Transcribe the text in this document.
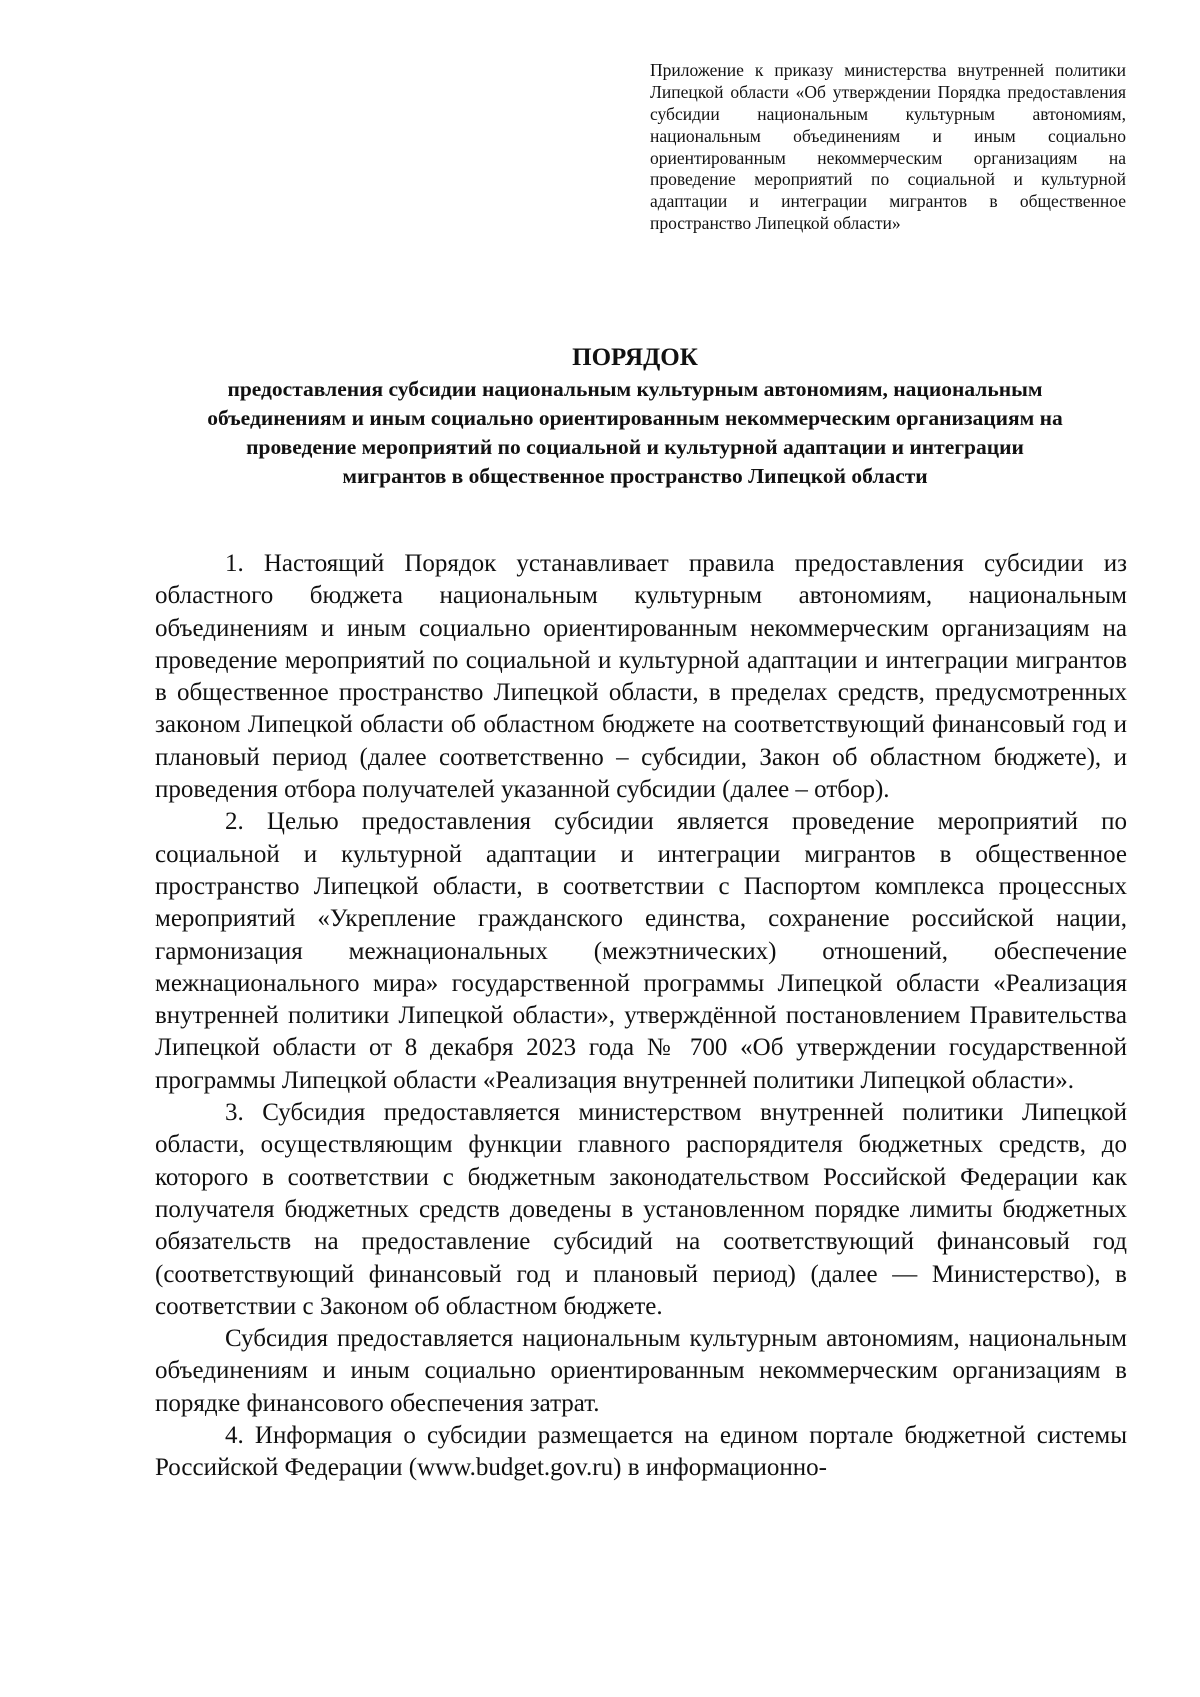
Приложение к приказу министерства внутренней политики Липецкой области «Об утверждении Порядка предоставления субсидии национальным культурным автономиям, национальным объединениям и иным социально ориентированным некоммерческим организациям на проведение мероприятий по социальной и культурной адаптации и интеграции мигрантов в общественное пространство Липецкой области»

ПОРЯДОК

предоставления субсидии национальным культурным автономиям, национальным объединениям и иным социально ориентированным некоммерческим организациям на проведение мероприятий по социальной и культурной адаптации и интеграции мигрантов в общественное пространство Липецкой области

1. Настоящий Порядок устанавливает правила предоставления субсидии из областного бюджета национальным культурным автономиям, национальным объединениям и иным социально ориентированным некоммерческим организациям на проведение мероприятий по социальной и культурной адаптации и интеграции мигрантов в общественное пространство Липецкой области, в пределах средств, предусмотренных законом Липецкой области об областном бюджете на соответствующий финансовый год и плановый период (далее соответственно – субсидии, Закон об областном бюджете), и проведения отбора получателей указанной субсидии (далее – отбор).

2. Целью предоставления субсидии является проведение мероприятий по социальной и культурной адаптации и интеграции мигрантов в общественное пространство Липецкой области, в соответствии с Паспортом комплекса процессных мероприятий «Укрепление гражданского единства, сохранение российской нации, гармонизация межнациональных (межэтнических) отношений, обеспечение межнационального мира» государственной программы Липецкой области «Реализация внутренней политики Липецкой области», утверждённой постановлением Правительства Липецкой области от 8 декабря 2023 года № 700 «Об утверждении государственной программы Липецкой области «Реализация внутренней политики Липецкой области».

3. Субсидия предоставляется министерством внутренней политики Липецкой области, осуществляющим функции главного распорядителя бюджетных средств, до которого в соответствии с бюджетным законодательством Российской Федерации как получателя бюджетных средств доведены в установленном порядке лимиты бюджетных обязательств на предоставление субсидий на соответствующий финансовый год (соответствующий финансовый год и плановый период) (далее — Министерство), в соответствии с Законом об областном бюджете.

Субсидия предоставляется национальным культурным автономиям, национальным объединениям и иным социально ориентированным некоммерческим организациям в порядке финансового обеспечения затрат.

4. Информация о субсидии размещается на едином портале бюджетной системы Российской Федерации (www.budget.gov.ru) в информационно-
